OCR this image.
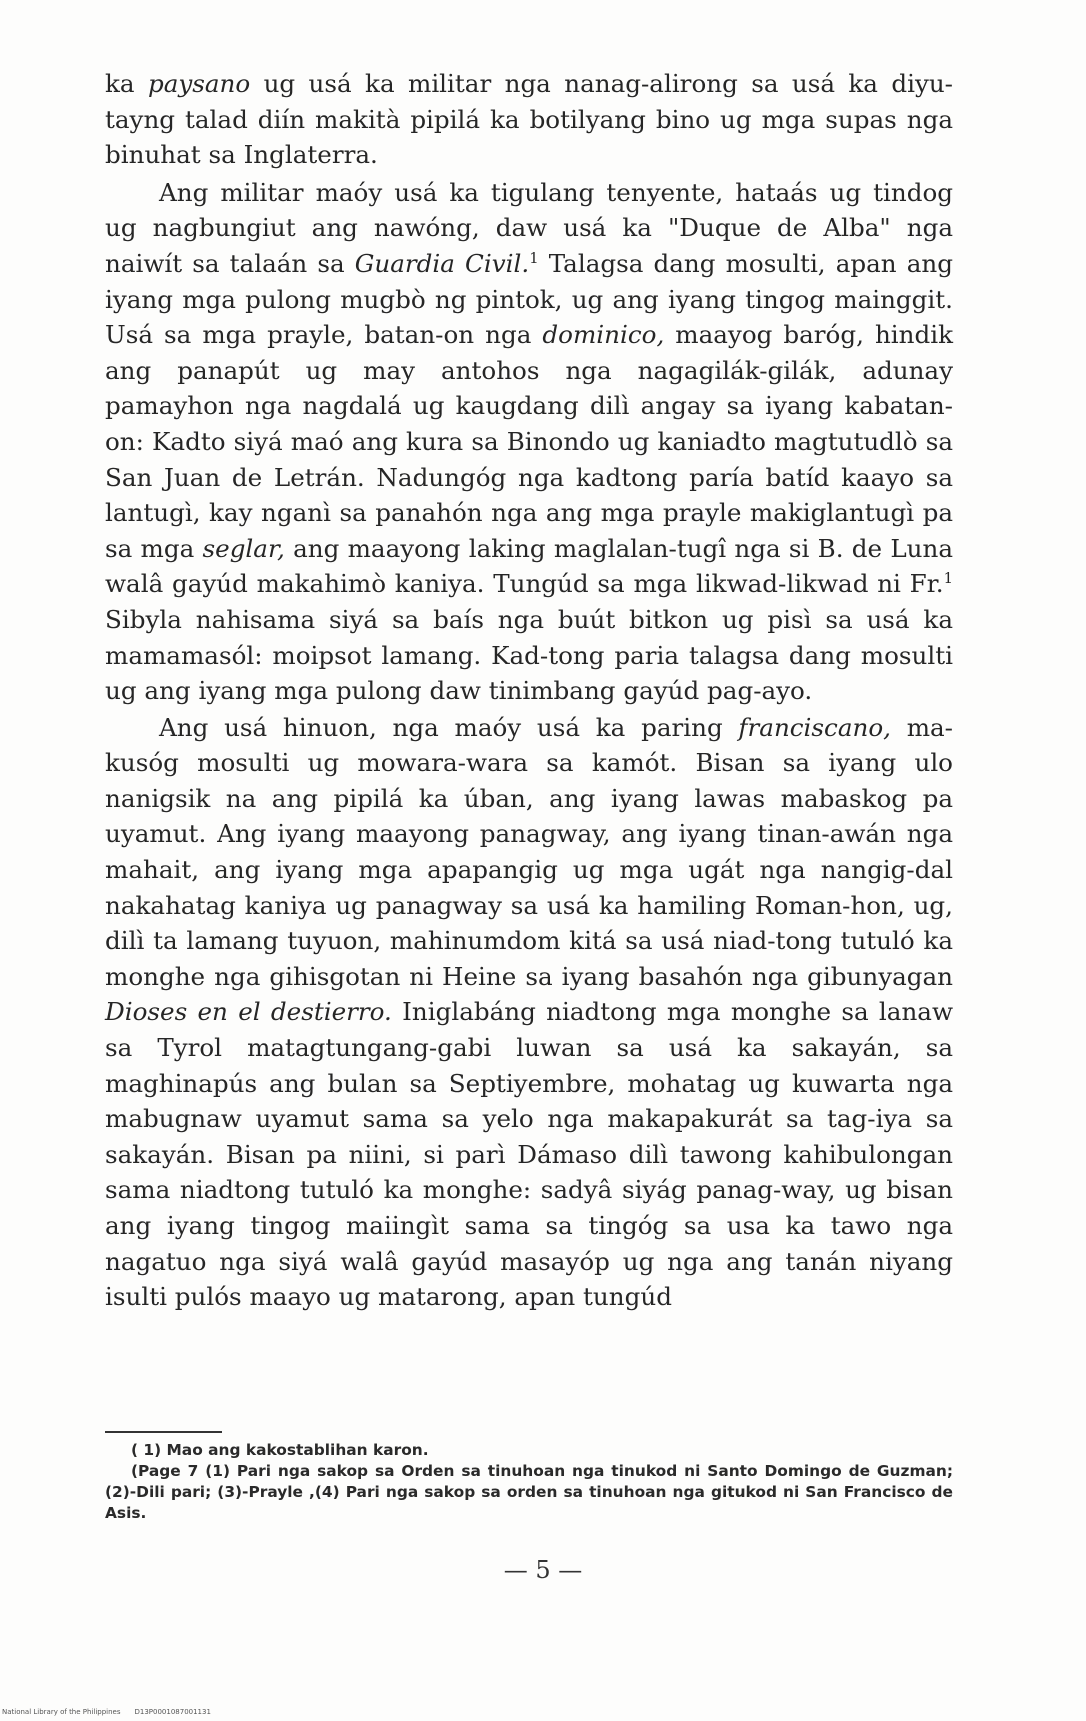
ka paysano ug usá ka militar nga nanag-alirong sa usá ka diyu-tayng talad diín makità pipilá ka botilyang bino ug mga supas nga binuhat sa Inglaterra.

Ang militar maóy usá ka tigulang tenyente, hataás ug tindog ug nagbungiut ang nawóng, daw usá ka "Duque de Alba" nga naiwít sa talaán sa Guardia Civil.$^1$ Talagsa dang mosulti, apan ang iyang mga pulong mugbò ng pintok, ug ang iyang tingog mainggit. Usá sa mga prayle, batan-on nga dominico, maayog baróg, hindik ang panapút ug may antohos nga nagagilák-gilák, adunay pamayhon nga nagdalá ug kaugdang dilì angay sa iyang kabatan-on: Kadto siyá maó ang kura sa Binondo ug kaniadto magtutudlò sa San Juan de Letrán. Nadungóg nga kadtong paría batíd kaayo sa lantugì, kay nganì sa panahón nga ang mga prayle makiglantugì pa sa mga seglar, ang maayong laking maglalan-tugî nga si B. de Luna walâ gayúd makahimò kaniya. Tungúd sa mga likwad-likwad ni Fr.$^1$ Sibyla nahisama siyá sa baís nga buút bitkon ug pisì sa usá ka mamamasól: moipsot lamang. Kad-tong paria talagsa dang mosulti ug ang iyang mga pulong daw tinimbang gayúd pag-ayo.

Ang usá hinuon, nga maóy usá ka paring franciscano, ma-kusóg mosulti ug mowara-wara sa kamót. Bisan sa iyang ulo nanigsik na ang pipilá ka úban, ang iyang lawas mabaskog pa uyamut. Ang iyang maayong panagway, ang iyang tinan-awán nga mahait, ang iyang mga apapangig ug mga ugát nga nangig-dal nakahatag kaniya ug panagway sa usá ka hamiling Roman-hon, ug, dilì ta lamang tuyuon, mahinumdom kitá sa usá niad-tong tutuló ka monghe nga gihisgotan ni Heine sa iyang basahón nga gibunyagan Dioses en el destierro. Iniglabáng niadtong mga monghe sa lanaw sa Tyrol matagtungang-gabi luwan sa usá ka sakayán, sa maghinapús ang bulan sa Septiyembre, mohatag ug kuwarta nga mabugnaw uyamut sama sa yelo nga makapakurát sa tag-iya sa sakayán. Bisan pa niini, si parì Dámaso dilì tawong kahibulongan sama niadtong tutuló ka monghe: sadyâ siyág panag-way, ug bisan ang iyang tingog maiingìt sama sa tingóg sa usa ka tawo nga nagatuo nga siyá walâ gayúd masayóp ug nga ang tanán niyang isulti pulós maayo ug matarong, apan tungúd

( 1) Mao ang kakostablihan karon.

(Page 7 (1) Pari nga sakop sa Orden sa tinuhoan nga tinukod ni Santo Domingo de Guzman; (2)-Dili pari; (3)-Prayle ,(4) Pari nga sakop sa orden sa tinuhoan nga gitukod ni San Francisco de Asis.

— 5 —
National Library of the Philippines D13P0001087001131
